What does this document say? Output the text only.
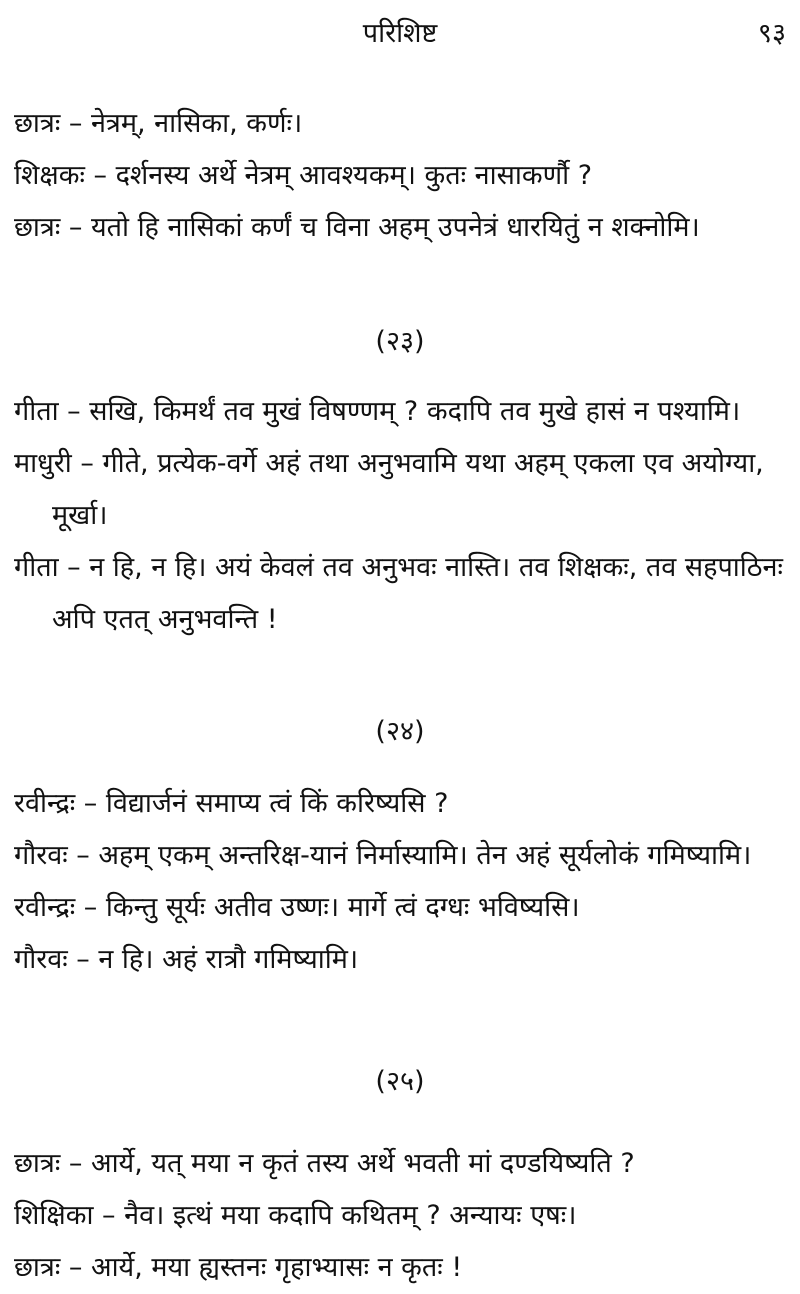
परिशिष्ट	९३
छात्रः – नेत्रम्, नासिका, कर्णः।
शिक्षकः – दर्शनस्य अर्थे नेत्रम् आवश्यकम्। कुतः नासाकर्णौ ?
छात्रः – यतो हि नासिकां कर्णं च विना अहम् उपनेत्रं धारयितुं न शक्नोमि।
(२३)
गीता – सखि, किमर्थं तव मुखं विषण्णम् ? कदापि तव मुखे हासं न पश्यामि।
माधुरी – गीते, प्रत्येक-वर्गे अहं तथा अनुभवामि यथा अहम् एकला एव अयोग्या, मूर्खा।
गीता – न हि, न हि। अयं केवलं तव अनुभवः नास्ति। तव शिक्षकः, तव सहपाठिनः अपि एतत् अनुभवन्ति !
(२४)
रवीन्द्रः – विद्यार्जनं समाप्य त्वं किं करिष्यसि ?
गौरवः – अहम् एकम् अन्तरिक्ष-यानं निर्मास्यामि। तेन अहं सूर्यलोकं गमिष्यामि।
रवीन्द्रः – किन्तु सूर्यः अतीव उष्णः। मार्गे त्वं दग्धः भविष्यसि।
गौरवः – न हि। अहं रात्रौ गमिष्यामि।
(२५)
छात्रः – आर्ये, यत् मया न कृतं तस्य अर्थे भवती मां दण्डयिष्यति ?
शिक्षिका – नैव। इत्थं मया कदापि कथितम् ? अन्यायः एषः।
छात्रः – आर्ये, मया ह्यस्तनः गृहाभ्यासः न कृतः !
